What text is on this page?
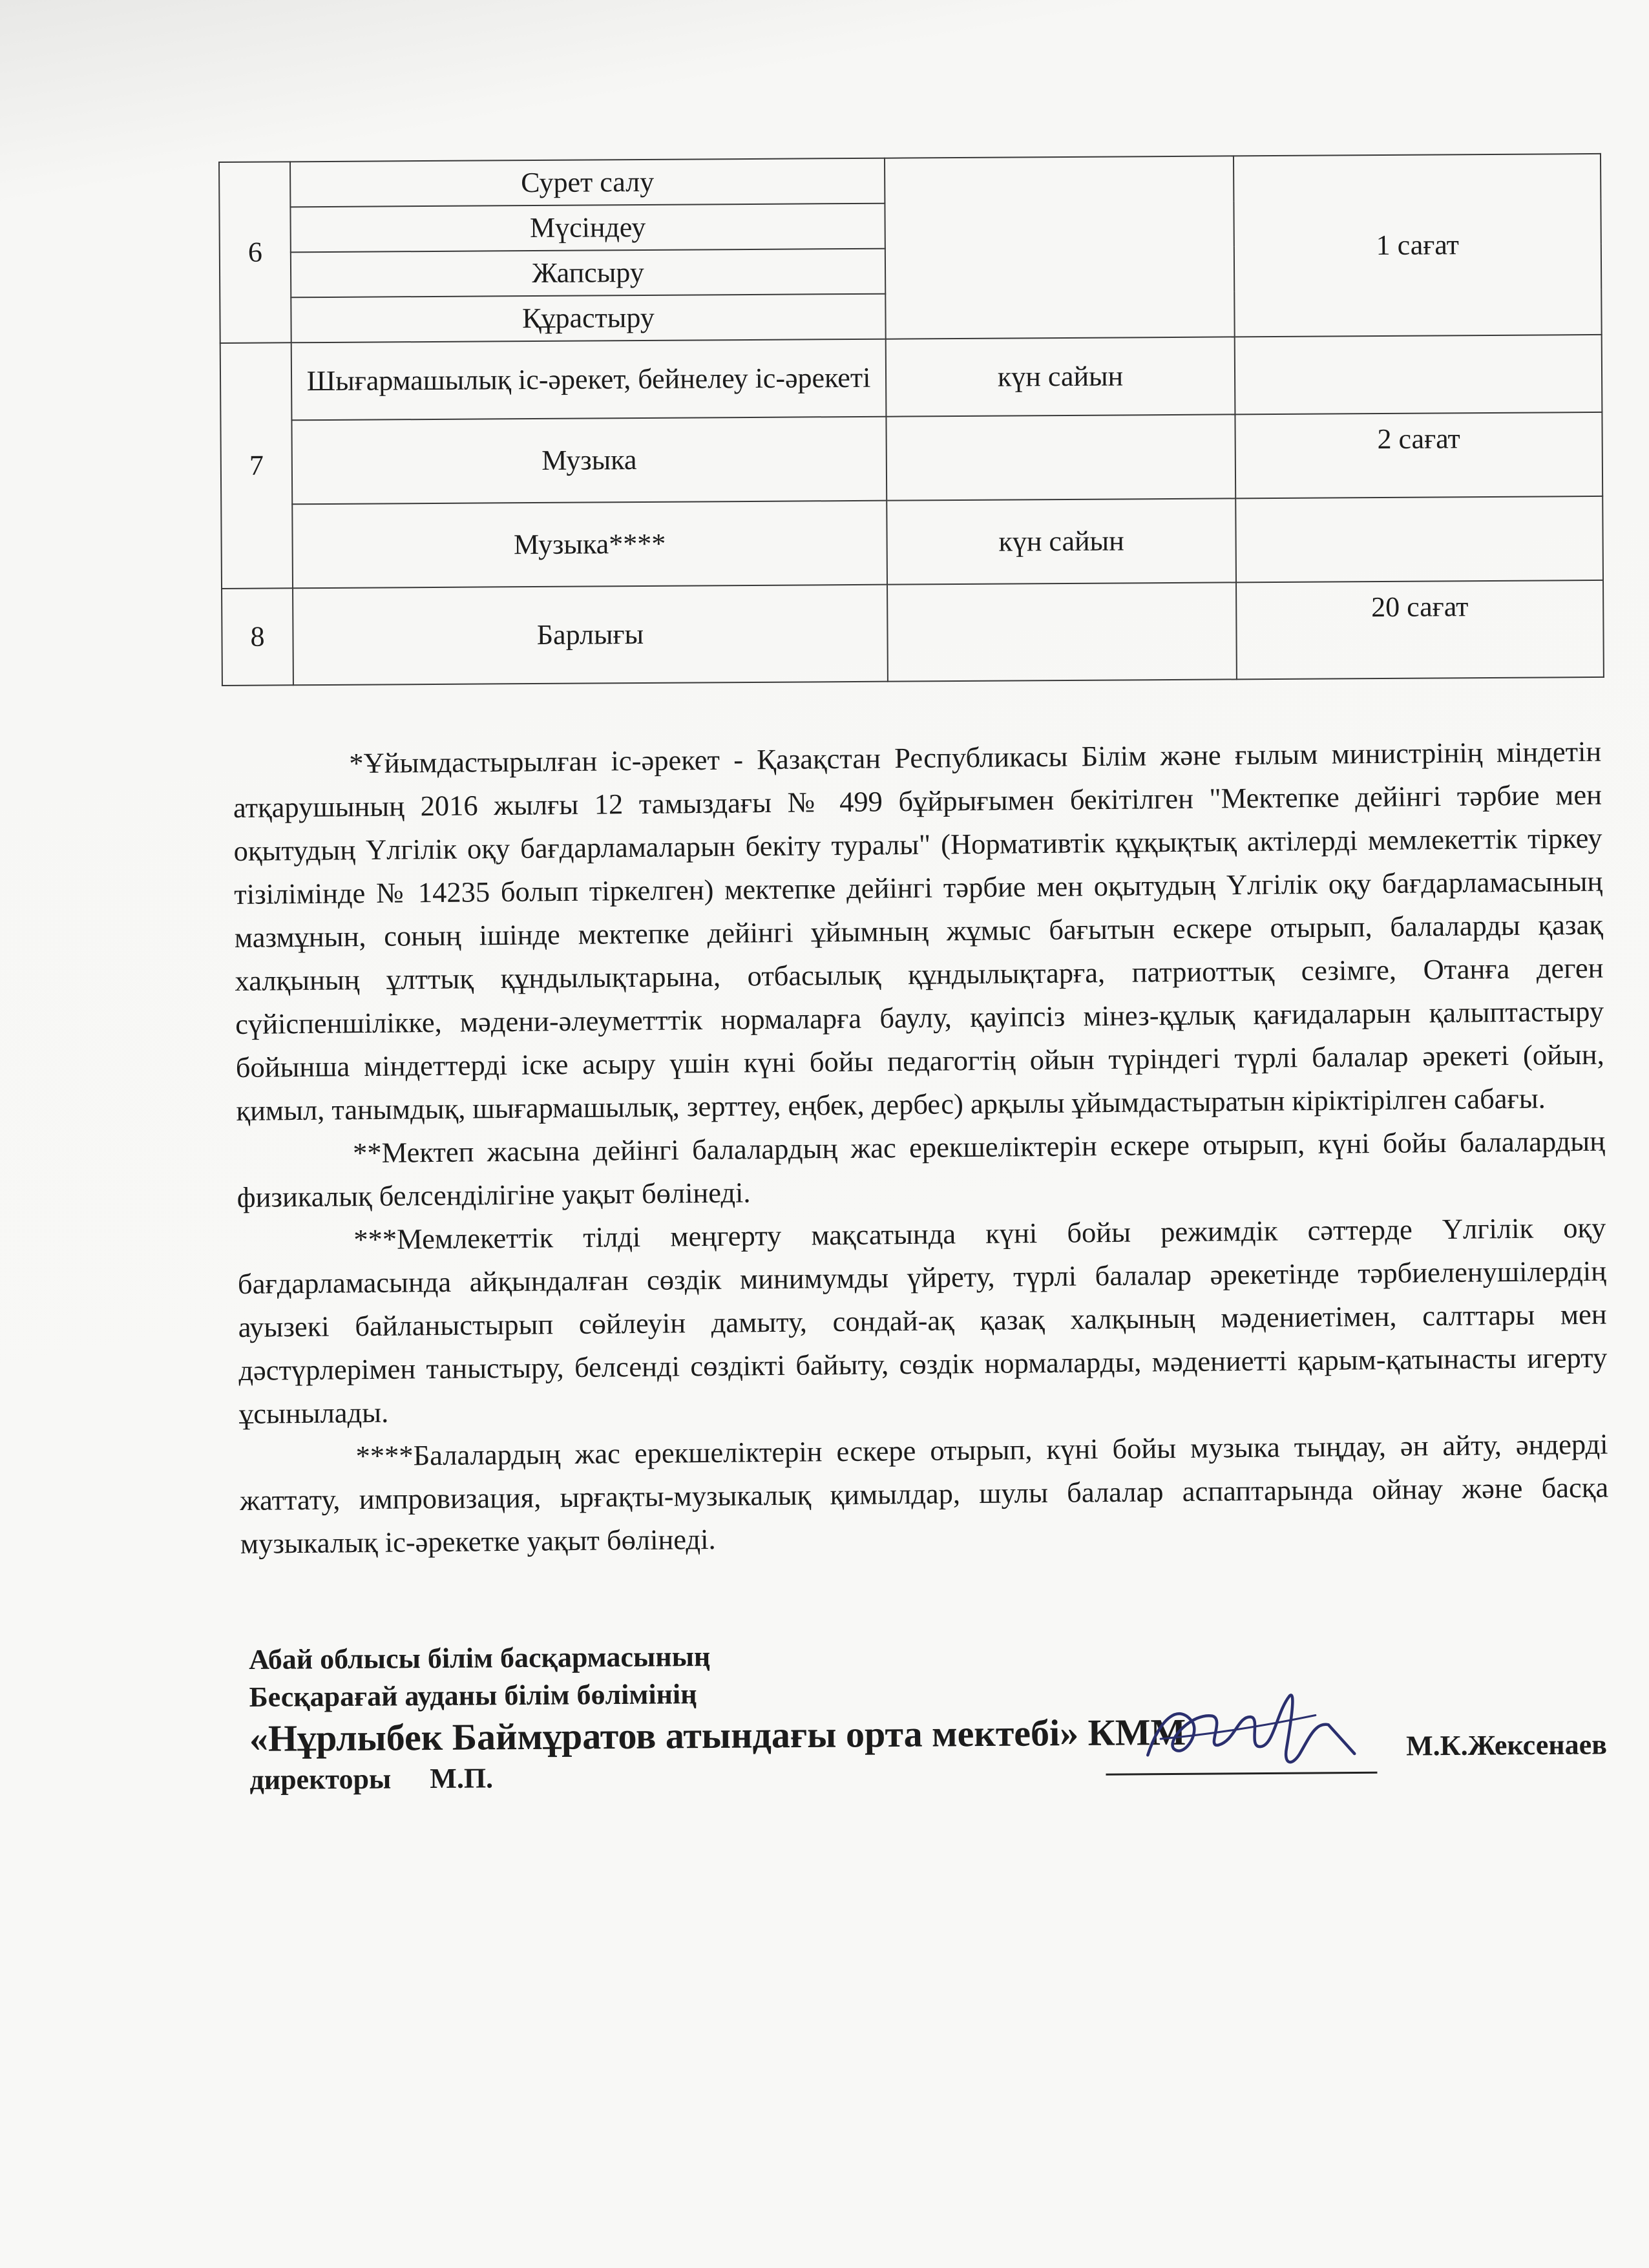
6	Сурет салу		1 сағат
	Мүсіндеу		
	Жапсыру		
	Құрастыру		
7	Шығармашылық іс-әрекет, бейнелеу іс-әрекеті	күн сайын	
	Музыка		2 сағат
	Музыка****	күн сайын	
8	Барлығы		20 сағат

*Ұйымдастырылған іс-әрекет - Қазақстан Республикасы Білім және ғылым министрінің міндетін атқарушының 2016 жылғы 12 тамыздағы № 499 бұйрығымен бекітілген "Мектепке дейінгі тәрбие мен оқытудың Үлгілік оқу бағдарламаларын бекіту туралы" (Нормативтік құқықтық актілерді мемлекеттік тіркеу тізілімінде № 14235 болып тіркелген) мектепке дейінгі тәрбие мен оқытудың Үлгілік оқу бағдарламасының мазмұнын, соның ішінде мектепке дейінгі ұйымның жұмыс бағытын ескере отырып, балаларды қазақ халқының ұлттық құндылықтарына, отбасылық құндылықтарға, патриоттық сезімге, Отанға деген сүйіспеншілікке, мәдени-әлеуметттік нормаларға баулу, қауіпсіз мінез-құлық қағидаларын қалыптастыру бойынша міндеттерді іске асыру үшін күні бойы педагогтің ойын түріндегі түрлі балалар әрекеті (ойын, қимыл, танымдық, шығармашылық, зерттеу, еңбек, дербес) арқылы ұйымдастыратын кіріктірілген сабағы.

**Мектеп жасына дейінгі балалардың жас ерекшеліктерін ескере отырып, күні бойы балалардың физикалық белсенділігіне уақыт бөлінеді.

***Мемлекеттік тілді меңгерту мақсатында күні бойы режимдік сәттерде Үлгілік оқу бағдарламасында айқындалған сөздік минимумды үйрету, түрлі балалар әрекетінде тәрбиеленушілердің ауызекі байланыстырып сөйлеуін дамыту, сондай-ақ қазақ халқының мәдениетімен, салттары мен дәстүрлерімен таныстыру, белсенді сөздікті байыту, сөздік нормаларды, мәдениетті қарым-қатынасты игерту ұсынылады.

****Балалардың жас ерекшеліктерін ескере отырып, күні бойы музыка тыңдау, ән айту, әндерді жаттату, импровизация, ырғақты-музыкалық қимылдар, шулы балалар аспаптарында ойнау және басқа музыкалық іс-әрекетке уақыт бөлінеді.

Абай облысы білім басқармасының
Бесқарағай ауданы білім бөлімінің
«Нұрлыбек Баймұратов атындағы орта мектебі» КММ	М.К.Жексенаев
директоры М.П.
